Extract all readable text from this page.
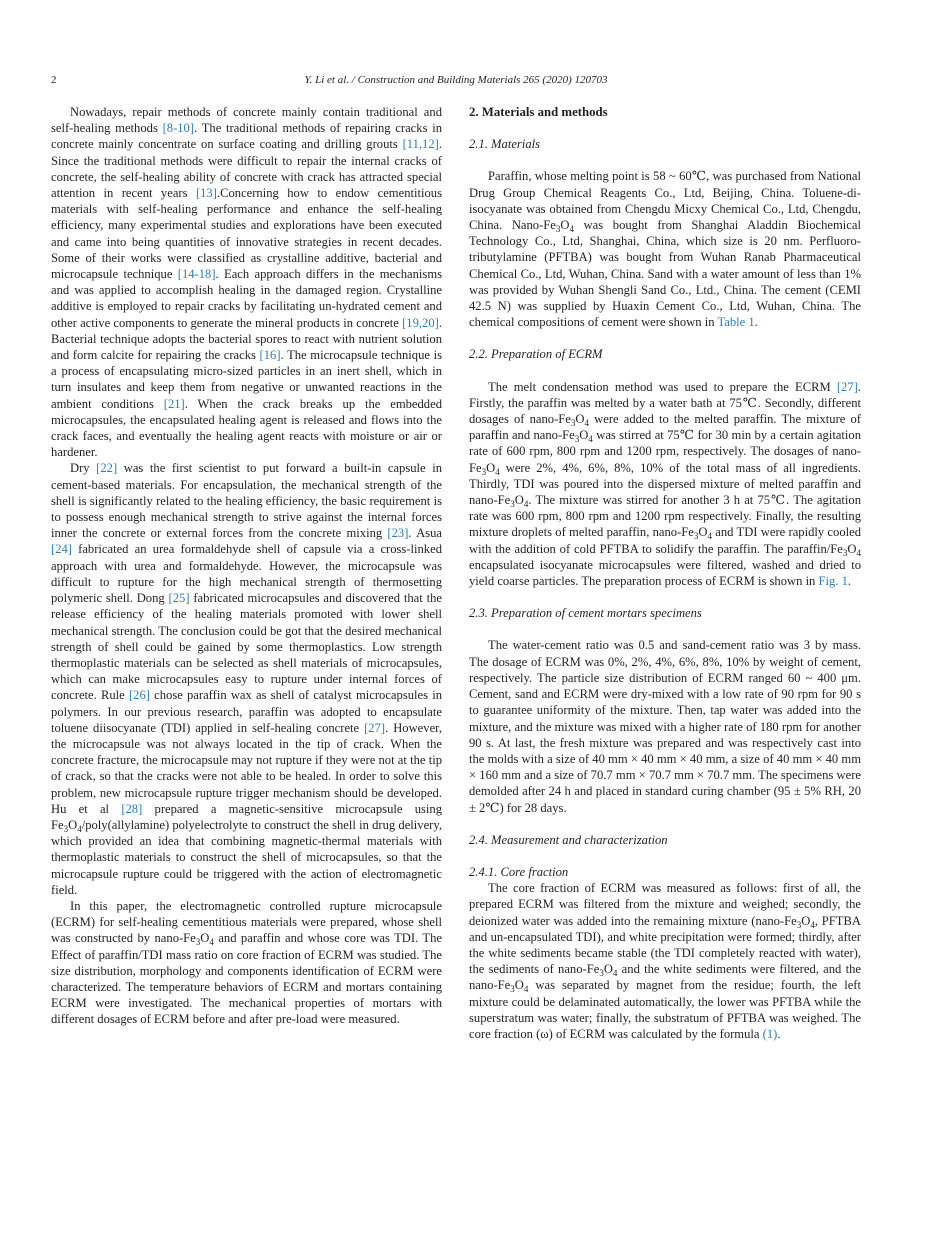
2	Y. Li et al. / Construction and Building Materials 265 (2020) 120703

Nowadays, repair methods of concrete mainly contain traditional and self-healing methods [8-10]. The traditional methods of repairing cracks in concrete mainly concentrate on surface coating and drilling grouts [11,12]. Since the traditional methods were difficult to repair the internal cracks of concrete, the self-healing ability of concrete with crack has attracted special attention in recent years [13].Concerning how to endow cementitious materials with self-healing performance and enhance the self-healing efficiency, many experimental studies and explorations have been executed and came into being quantities of innovative strategies in recent decades. Some of their works were classified as crystalline additive, bacterial and microcapsule technique [14-18]. Each approach differs in the mechanisms and was applied to accomplish healing in the damaged region. Crystalline additive is employed to repair cracks by facilitating un-hydrated cement and other active components to generate the mineral products in concrete [19,20]. Bacterial technique adopts the bacterial spores to react with nutrient solution and form calcite for repairing the cracks [16]. The microcapsule technique is a process of encapsulating micro-sized particles in an inert shell, which in turn insulates and keep them from negative or unwanted reactions in the ambient conditions [21]. When the crack breaks up the embedded microcapsules, the encapsulated healing agent is released and flows into the crack faces, and eventually the healing agent reacts with moisture or air or hardener.

Dry [22] was the first scientist to put forward a built-in capsule in cement-based materials. For encapsulation, the mechanical strength of the shell is significantly related to the healing efficiency, the basic requirement is to possess enough mechanical strength to strive against the internal forces inner the concrete or external forces from the concrete mixing [23]. Asua [24] fabricated an urea formaldehyde shell of capsule via a cross-linked approach with urea and formaldehyde. However, the microcapsule was difficult to rupture for the high mechanical strength of thermosetting polymeric shell. Dong [25] fabricated microcapsules and discovered that the release efficiency of the healing materials promoted with lower shell mechanical strength. The conclusion could be got that the desired mechanical strength of shell could be gained by some thermoplastics. Low strength thermoplastic materials can be selected as shell materials of microcapsules, which can make microcapsules easy to rupture under internal forces of concrete. Rule [26] chose paraffin wax as shell of catalyst microcapsules in polymers. In our previous research, paraffin was adopted to encapsulate toluene diisocyanate (TDI) applied in self-healing concrete [27]. However, the microcapsule was not always located in the tip of crack. When the concrete fracture, the microcapsule may not rupture if they were not at the tip of crack, so that the cracks were not able to be healed. In order to solve this problem, new microcapsule rupture trigger mechanism should be developed. Hu et al [28] prepared a magnetic-sensitive microcapsule using $Fe_3O_4/poly(allylamine)$ polyelectrolyte to construct the shell in drug delivery, which provided an idea that combining magnetic-thermal materials with thermoplastic materials to construct the shell of microcapsules, so that the microcapsule rupture could be triggered with the action of electromagnetic field.

In this paper, the electromagnetic controlled rupture microcapsule (ECRM) for self-healing cementitious materials were prepared, whose shell was constructed by nano-$Fe_3O_4$ and paraffin and whose core was TDI. The Effect of paraffin/TDI mass ratio on core fraction of ECRM was studied. The size distribution, morphology and components identification of ECRM were characterized. The temperature behaviors of ECRM and mortars containing ECRM were investigated. The mechanical properties of mortars with different dosages of ECRM before and after pre-load were measured.

2. Materials and methods
2.1. Materials

Paraffin, whose melting point is 58 ~ 60℃, was purchased from National Drug Group Chemical Reagents Co., Ltd, Beijing, China. Toluene-di-isocyanate was obtained from Chengdu Micxy Chemical Co., Ltd, Chengdu, China. Nano-$Fe_3O_4$ was bought from Shanghai Aladdin Biochemical Technology Co., Ltd, Shanghai, China, which size is 20 nm. Perfluoro-tributylamine (PFTBA) was bought from Wuhan Ranab Pharmaceutical Chemical Co., Ltd, Wuhan, China. Sand with a water amount of less than 1% was provided by Wuhan Shengli Sand Co., Ltd., China. The cement (CEMI 42.5 N) was supplied by Huaxin Cement Co., Ltd, Wuhan, China. The chemical compositions of cement were shown in Table 1.

2.2. Preparation of ECRM

The melt condensation method was used to prepare the ECRM [27]. Firstly, the paraffin was melted by a water bath at 75℃. Secondly, different dosages of nano-$Fe_3O_4$ were added to the melted paraffin. The mixture of paraffin and nano-$Fe_3O_4$ was stirred at 75℃ for 30 min by a certain agitation rate of 600 rpm, 800 rpm and 1200 rpm, respectively. The dosages of nano-$Fe_3O_4$ were 2%, 4%, 6%, 8%, 10% of the total mass of all ingredients. Thirdly, TDI was poured into the dispersed mixture of melted paraffin and nano-$Fe_3O_4$. The mixture was stirred for another 3 h at 75℃. The agitation rate was 600 rpm, 800 rpm and 1200 rpm respectively. Finally, the resulting mixture droplets of melted paraffin, nano-$Fe_3O_4$ and TDI were rapidly cooled with the addition of cold PFTBA to solidify the paraffin. The paraffin/$Fe_3O_4$ encapsulated isocyanate microcapsules were filtered, washed and dried to yield coarse particles. The preparation process of ECRM is shown in Fig. 1.

2.3. Preparation of cement mortars specimens

The water-cement ratio was 0.5 and sand-cement ratio was 3 by mass. The dosage of ECRM was 0%, 2%, 4%, 6%, 8%, 10% by weight of cement, respectively. The particle size distribution of ECRM ranged 60 ~ 400 μm. Cement, sand and ECRM were dry-mixed with a low rate of 90 rpm for 90 s to guarantee uniformity of the mixture. Then, tap water was added into the mixture, and the mixture was mixed with a higher rate of 180 rpm for another 90 s. At last, the fresh mixture was prepared and was respectively cast into the molds with a size of 40 mm × 40 mm × 40 mm, a size of 40 mm × 40 mm × 160 mm and a size of 70.7 mm × 70.7 mm × 70.7 mm. The specimens were demolded after 24 h and placed in standard curing chamber (95 ± 5% RH, 20 ± 2℃) for 28 days.

2.4. Measurement and characterization
2.4.1. Core fraction

The core fraction of ECRM was measured as follows: first of all, the prepared ECRM was filtered from the mixture and weighed; secondly, the deionized water was added into the remaining mixture ($nano-Fe_3O_4$, PFTBA and un-encapsulated TDI), and white precipitation were formed; thirdly, after the white sediments became stable (the TDI completely reacted with water), the sediments of nano-$Fe_3O_4$ and the white sediments were filtered, and the nano-$Fe_3O_4$ was separated by magnet from the residue; fourth, the left mixture could be delaminated automatically, the lower was PFTBA while the superstratum was water; finally, the substratum of PFTBA was weighed. The core fraction (ω) of ECRM was calculated by the formula (1).
